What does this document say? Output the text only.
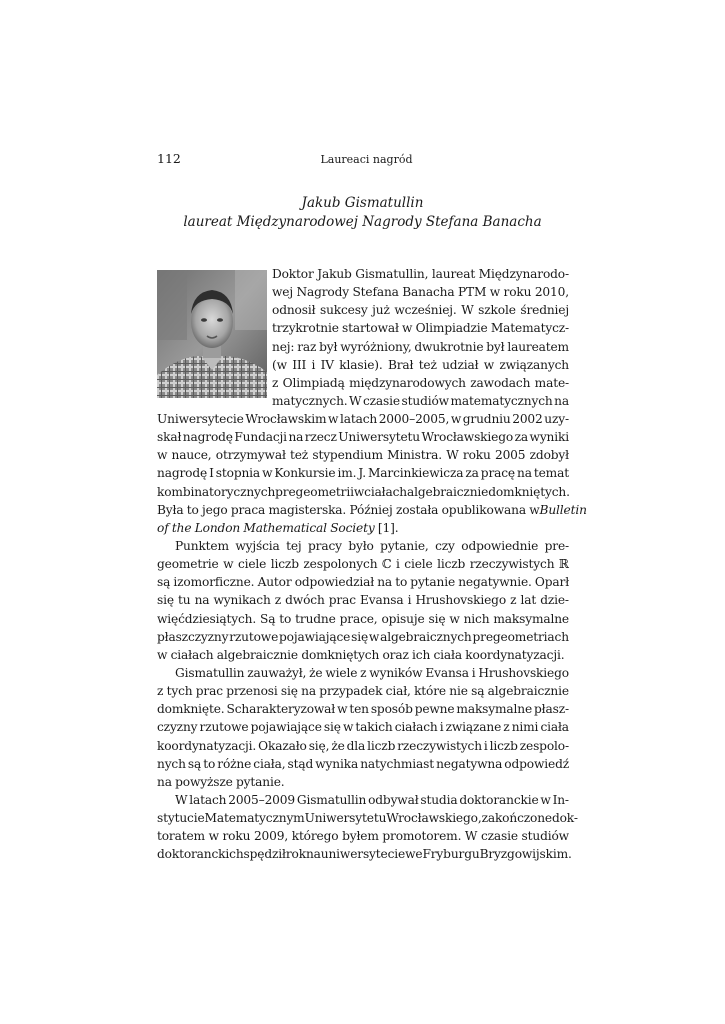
112	Laureaci nagród
Jakub Gismatullin
laureat Międzynarodowej Nagrody Stefana Banacha
Doktor Jakub Gismatullin, laureat Międzynarodo-
wej Nagrody Stefana Banacha PTM w roku 2010,
odnosił sukcesy już wcześniej. W szkole średniej
trzykrotnie startował w Olimpiadzie Matematycz-
nej: raz był wyróżniony, dwukrotnie był laureatem
(w III i IV klasie). Brał też udział w związanych
z Olimpiadą międzynarodowych zawodach mate-
matycznych. W czasie studiów matematycznych na
Uniwersytecie Wrocławskim w latach 2000–2005, w grudniu 2002 uzy-
skał nagrodę Fundacji na rzecz Uniwersytetu Wrocławskiego za wyniki
w nauce, otrzymywał też stypendium Ministra. W roku 2005 zdobył
nagrodę I stopnia w Konkursie im. J. Marcinkiewicza za pracę na temat
kombinatorycznych pregeometrii w ciałach algebraicznie domkniętych.
Była to jego praca magisterska. Później została opublikowana w Bulletin
of the London Mathematical Society [1].
Punktem wyjścia tej pracy było pytanie, czy odpowiednie pre-
geometrie w ciele liczb zespolonych ℂ i ciele liczb rzeczywistych ℝ
są izomorficzne. Autor odpowiedział na to pytanie negatywnie. Oparł
się tu na wynikach z dwóch prac Evansa i Hrushovskiego z lat dzie-
więćdziesiątych. Są to trudne prace, opisuje się w nich maksymalne
płaszczyzny rzutowe pojawiające się w algebraicznych pregeometriach
w ciałach algebraicznie domkniętych oraz ich ciała koordynatyzacji.
Gismatullin zauważył, że wiele z wyników Evansa i Hrushovskiego
z tych prac przenosi się na przypadek ciał, które nie są algebraicznie
domknięte. Scharakteryzował w ten sposób pewne maksymalne płasz-
czyzny rzutowe pojawiające się w takich ciałach i związane z nimi ciała
koordynatyzacji. Okazało się, że dla liczb rzeczywistych i liczb zespolo-
nych są to różne ciała, stąd wynika natychmiast negatywna odpowiedź
na powyższe pytanie.
W latach 2005–2009 Gismatullin odbywał studia doktoranckie w In-
stytucie Matematycznym Uniwersytetu Wrocławskiego, zakończone dok-
toratem w roku 2009, którego byłem promotorem. W czasie studiów
doktoranckich spędził rok na uniwersytecie we Fryburgu Bryzgowijskim.
